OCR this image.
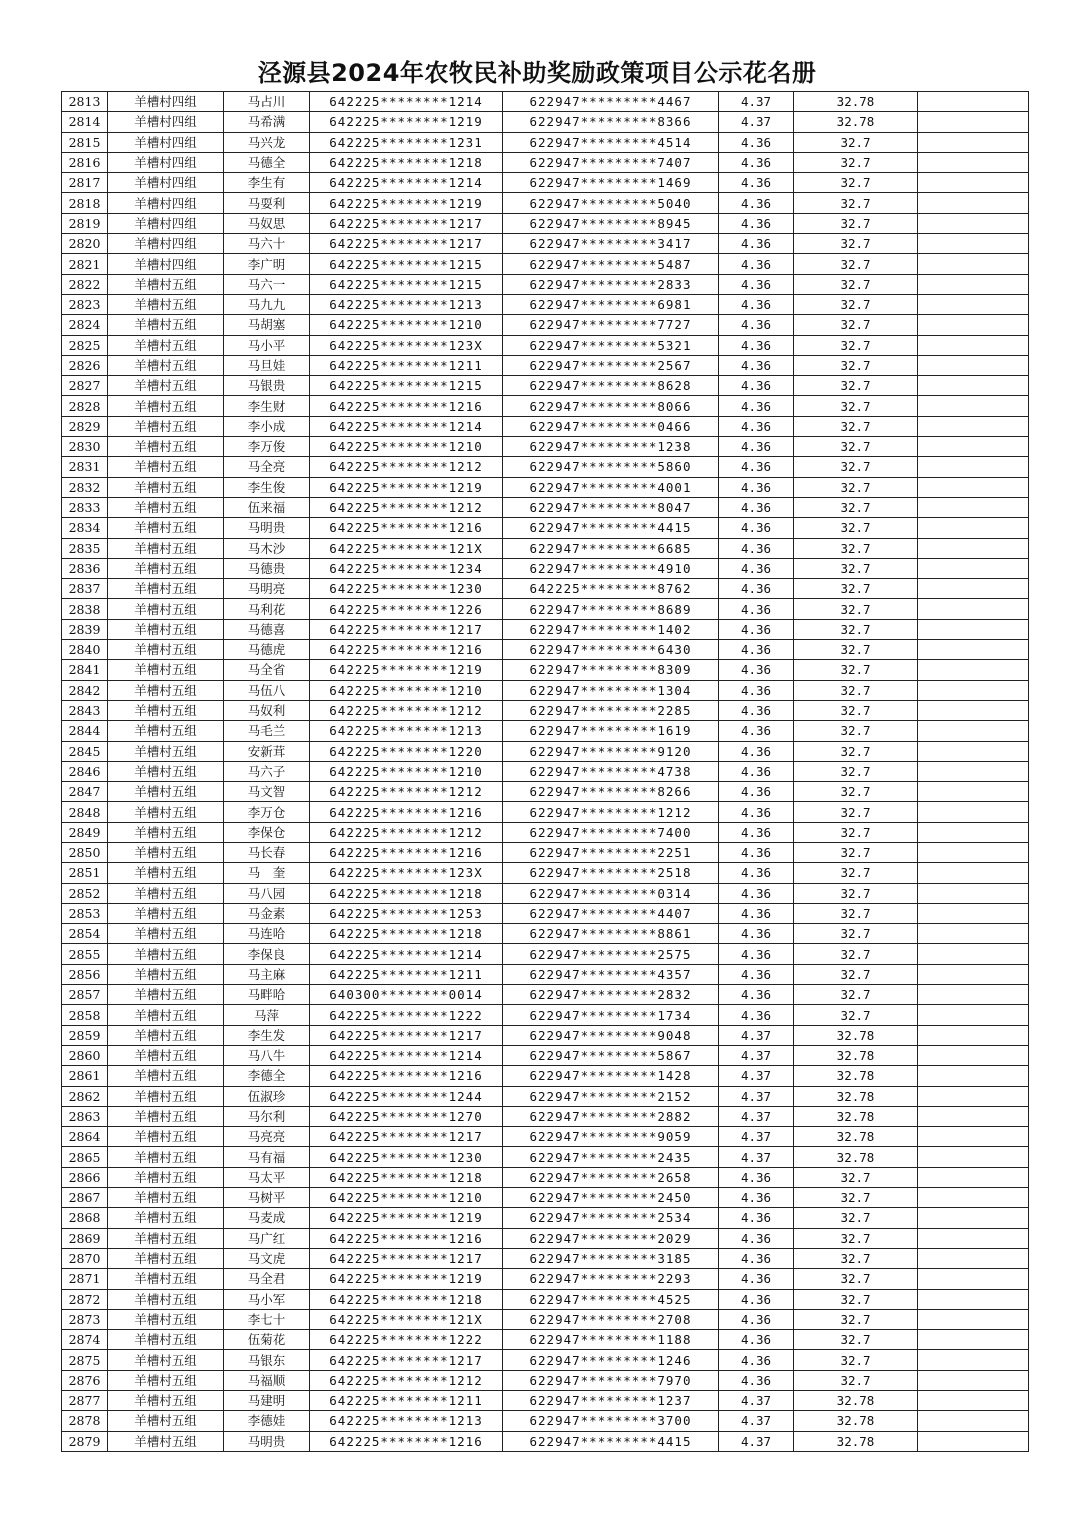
泾源县2024年农牧民补助奖励政策项目公示花名册
2813	羊槽村四组	马占川	642225********1214	622947*********4467	4.37	32.78	
2814	羊槽村四组	马希满	642225********1219	622947*********8366	4.37	32.78	
2815	羊槽村四组	马兴龙	642225********1231	622947*********4514	4.36	32.7	
2816	羊槽村四组	马德全	642225********1218	622947*********7407	4.36	32.7	
2817	羊槽村四组	李生有	642225********1214	622947*********1469	4.36	32.7	
2818	羊槽村四组	马耍利	642225********1219	622947*********5040	4.36	32.7	
2819	羊槽村四组	马奴思	642225********1217	622947*********8945	4.36	32.7	
2820	羊槽村四组	马六十	642225********1217	622947*********3417	4.36	32.7	
2821	羊槽村四组	李广明	642225********1215	622947*********5487	4.36	32.7	
2822	羊槽村五组	马六一	642225********1215	622947*********2833	4.36	32.7	
2823	羊槽村五组	马九九	642225********1213	622947*********6981	4.36	32.7	
2824	羊槽村五组	马胡塞	642225********1210	622947*********7727	4.36	32.7	
2825	羊槽村五组	马小平	642225********123X	622947*********5321	4.36	32.7	
2826	羊槽村五组	马旦娃	642225********1211	622947*********2567	4.36	32.7	
2827	羊槽村五组	马银贵	642225********1215	622947*********8628	4.36	32.7	
2828	羊槽村五组	李生财	642225********1216	622947*********8066	4.36	32.7	
2829	羊槽村五组	李小成	642225********1214	622947*********0466	4.36	32.7	
2830	羊槽村五组	李万俊	642225********1210	622947*********1238	4.36	32.7	
2831	羊槽村五组	马全亮	642225********1212	622947*********5860	4.36	32.7	
2832	羊槽村五组	李生俊	642225********1219	622947*********4001	4.36	32.7	
2833	羊槽村五组	伍来福	642225********1212	622947*********8047	4.36	32.7	
2834	羊槽村五组	马明贵	642225********1216	622947*********4415	4.36	32.7	
2835	羊槽村五组	马木沙	642225********121X	622947*********6685	4.36	32.7	
2836	羊槽村五组	马德贵	642225********1234	622947*********4910	4.36	32.7	
2837	羊槽村五组	马明亮	642225********1230	642225*********8762	4.36	32.7	
2838	羊槽村五组	马利花	642225********1226	622947*********8689	4.36	32.7	
2839	羊槽村五组	马德喜	642225********1217	622947*********1402	4.36	32.7	
2840	羊槽村五组	马德虎	642225********1216	622947*********6430	4.36	32.7	
2841	羊槽村五组	马全省	642225********1219	622947*********8309	4.36	32.7	
2842	羊槽村五组	马伍八	642225********1210	622947*********1304	4.36	32.7	
2843	羊槽村五组	马奴利	642225********1212	622947*********2285	4.36	32.7	
2844	羊槽村五组	马毛兰	642225********1213	622947*********1619	4.36	32.7	
2845	羊槽村五组	安新茸	642225********1220	622947*********9120	4.36	32.7	
2846	羊槽村五组	马六子	642225********1210	622947*********4738	4.36	32.7	
2847	羊槽村五组	马文智	642225********1212	622947*********8266	4.36	32.7	
2848	羊槽村五组	李万仓	642225********1216	622947*********1212	4.36	32.7	
2849	羊槽村五组	李保仓	642225********1212	622947*********7400	4.36	32.7	
2850	羊槽村五组	马长春	642225********1216	622947*********2251	4.36	32.7	
2851	羊槽村五组	马　奎	642225********123X	622947*********2518	4.36	32.7	
2852	羊槽村五组	马八园	642225********1218	622947*********0314	4.36	32.7	
2853	羊槽村五组	马金素	642225********1253	622947*********4407	4.36	32.7	
2854	羊槽村五组	马连哈	642225********1218	622947*********8861	4.36	32.7	
2855	羊槽村五组	李保良	642225********1214	622947*********2575	4.36	32.7	
2856	羊槽村五组	马主麻	642225********1211	622947*********4357	4.36	32.7	
2857	羊槽村五组	马畔哈	640300********0014	622947*********2832	4.36	32.7	
2858	羊槽村五组	马萍	642225********1222	622947*********1734	4.36	32.7	
2859	羊槽村五组	李生发	642225********1217	622947*********9048	4.37	32.78	
2860	羊槽村五组	马八牛	642225********1214	622947*********5867	4.37	32.78	
2861	羊槽村五组	李德全	642225********1216	622947*********1428	4.37	32.78	
2862	羊槽村五组	伍淑珍	642225********1244	622947*********2152	4.37	32.78	
2863	羊槽村五组	马尔利	642225********1270	622947*********2882	4.37	32.78	
2864	羊槽村五组	马亮亮	642225********1217	622947*********9059	4.37	32.78	
2865	羊槽村五组	马有福	642225********1230	622947*********2435	4.37	32.78	
2866	羊槽村五组	马太平	642225********1218	622947*********2658	4.36	32.7	
2867	羊槽村五组	马树平	642225********1210	622947*********2450	4.36	32.7	
2868	羊槽村五组	马麦成	642225********1219	622947*********2534	4.36	32.7	
2869	羊槽村五组	马广红	642225********1216	622947*********2029	4.36	32.7	
2870	羊槽村五组	马文虎	642225********1217	622947*********3185	4.36	32.7	
2871	羊槽村五组	马全君	642225********1219	622947*********2293	4.36	32.7	
2872	羊槽村五组	马小军	642225********1218	622947*********4525	4.36	32.7	
2873	羊槽村五组	李七十	642225********121X	622947*********2708	4.36	32.7	
2874	羊槽村五组	伍菊花	642225********1222	622947*********1188	4.36	32.7	
2875	羊槽村五组	马银东	642225********1217	622947*********1246	4.36	32.7	
2876	羊槽村五组	马福顺	642225********1212	622947*********7970	4.36	32.7	
2877	羊槽村五组	马建明	642225********1211	622947*********1237	4.37	32.78	
2878	羊槽村五组	李德娃	642225********1213	622947*********3700	4.37	32.78	
2879	羊槽村五组	马明贵	642225********1216	622947*********4415	4.37	32.78	
